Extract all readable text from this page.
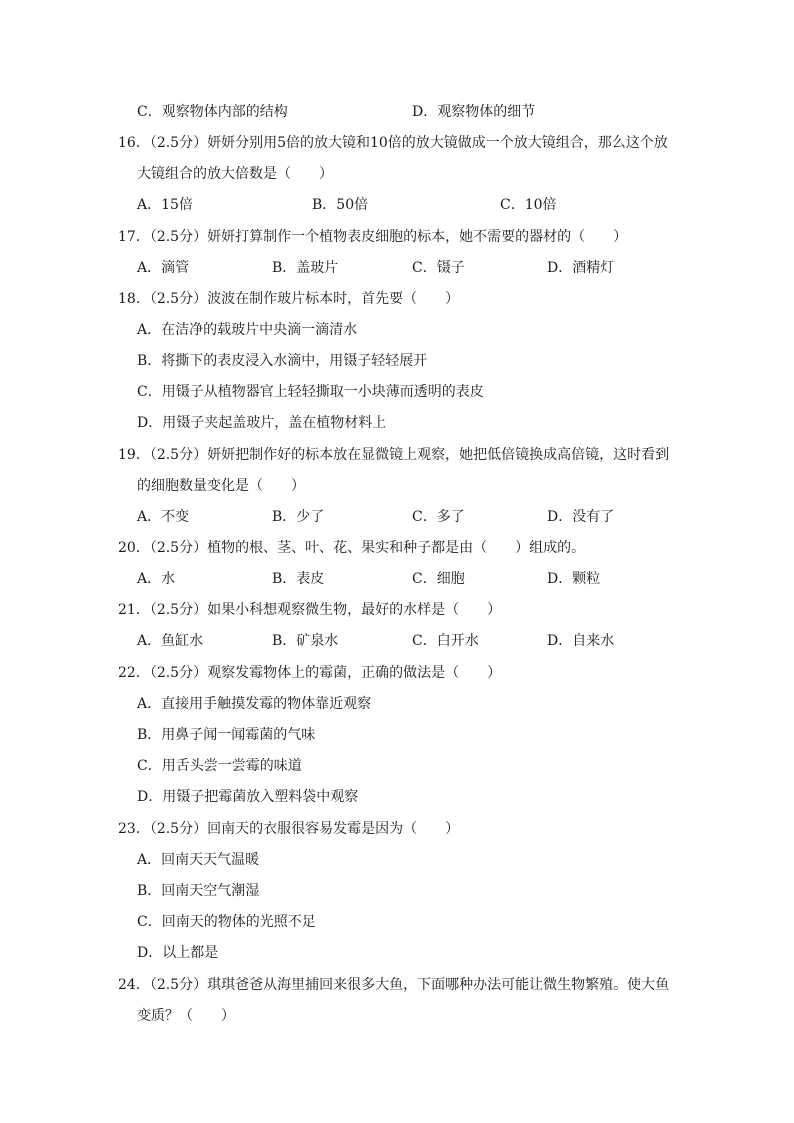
C．观察物体内部的结构	D．观察物体的细节
16．（2.5分）妍妍分别用5倍的放大镜和10倍的放大镜做成一个放大镜组合，那么这个放
大镜组合的放大倍数是（　　）
A．15倍	B．50倍	C．10倍
17．（2.5分）妍妍打算制作一个植物表皮细胞的标本，她不需要的器材的（　　）
A．滴管	B．盖玻片	C．镊子	D．酒精灯
18．（2.5分）波波在制作玻片标本时，首先要（　　）
A．在洁净的载玻片中央滴一滴清水
B．将撕下的表皮浸入水滴中，用镊子轻轻展开
C．用镊子从植物器官上轻轻撕取一小块薄而透明的表皮
D．用镊子夹起盖玻片，盖在植物材料上
19．（2.5分）妍妍把制作好的标本放在显微镜上观察，她把低倍镜换成高倍镜，这时看到
的细胞数量变化是（　　）
A．不变	B．少了	C．多了	D．没有了
20．（2.5分）植物的根、茎、叶、花、果实和种子都是由（　　）组成的。
A．水	B．表皮	C．细胞	D．颗粒
21．（2.5分）如果小科想观察微生物，最好的水样是（　　）
A．鱼缸水	B．矿泉水	C．白开水	D．自来水
22．（2.5分）观察发霉物体上的霉菌，正确的做法是（　　）
A．直接用手触摸发霉的物体靠近观察
B．用鼻子闻一闻霉菌的气味
C．用舌头尝一尝霉的味道
D．用镊子把霉菌放入塑料袋中观察
23．（2.5分）回南天的衣服很容易发霉是因为（　　）
A．回南天天气温暖
B．回南天空气潮湿
C．回南天的物体的光照不足
D．以上都是
24．（2.5分）琪琪爸爸从海里捕回来很多大鱼，下面哪种办法可能让微生物繁殖。使大鱼
变质？（　　）
